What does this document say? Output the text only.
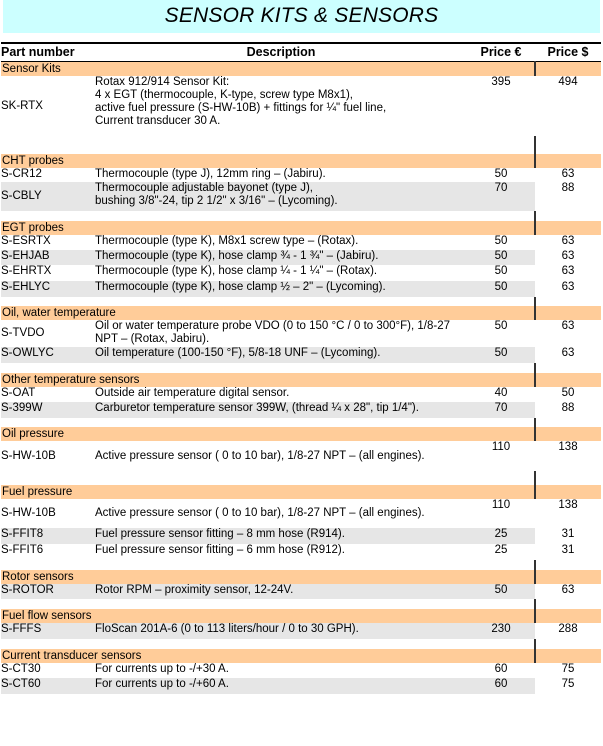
SENSOR KITS & SENSORS
Part number	Description	Price €	Price $
Sensor Kits			
SK-RTX	Rotax 912/914 Sensor Kit:
4 x EGT (thermocouple, K-type, screw type M8x1),
active fuel pressure (S-HW-10B) + fittings for ¼" fuel line,
Current transducer 30 A.	395	494

CHT probes			
S-CR12	Thermocouple (type J), 12mm ring – (Jabiru).	50	63
S-CBLY	Thermocouple adjustable bayonet (type J),
bushing 3/8"-24, tip 2 1/2" x 3/16" – (Lycoming).	70	88

EGT probes			
S-ESRTX	Thermocouple (type K), M8x1 screw type – (Rotax).	50	63
S-EHJAB	Thermocouple (type K), hose clamp ¾ - 1 ¾" – (Jabiru).	50	63
S-EHRTX	Thermocouple (type K), hose clamp ¼ - 1 ¼" – (Rotax).	50	63
S-EHLYC	Thermocouple (type K), hose clamp ½ – 2" – (Lycoming).	50	63

Oil, water temperature			
S-TVDO	Oil or water temperature probe VDO (0 to 150 °C / 0 to 300°F), 1/8-27 NPT – (Rotax, Jabiru).	50	63
S-OWLYC	Oil temperature (100-150 °F), 5/8-18 UNF – (Lycoming).	50	63

Other temperature sensors			
S-OAT	Outside air temperature digital sensor.	40	50
S-399W	Carburetor temperature sensor 399W, (thread ¼ x 28", tip 1/4").	70	88

Oil pressure			
S-HW-10B	Active pressure sensor ( 0 to 10 bar), 1/8-27 NPT – (all engines).	110	138

Fuel pressure			
S-HW-10B	Active pressure sensor ( 0 to 10 bar), 1/8-27 NPT – (all engines).	110	138
S-FFIT8	Fuel pressure sensor fitting – 8 mm hose (R914).	25	31
S-FFIT6	Fuel pressure sensor fitting – 6 mm hose (R912).	25	31

Rotor sensors			
S-ROTOR	Rotor RPM – proximity sensor, 12-24V.	50	63

Fuel flow sensors			
S-FFFS	FloScan 201A-6 (0 to 113 liters/hour / 0 to 30 GPH).	230	288

Current transducer sensors			
S-CT30	For currents up to -/+30 A.	60	75
S-CT60	For currents up to -/+60 A.	60	75
